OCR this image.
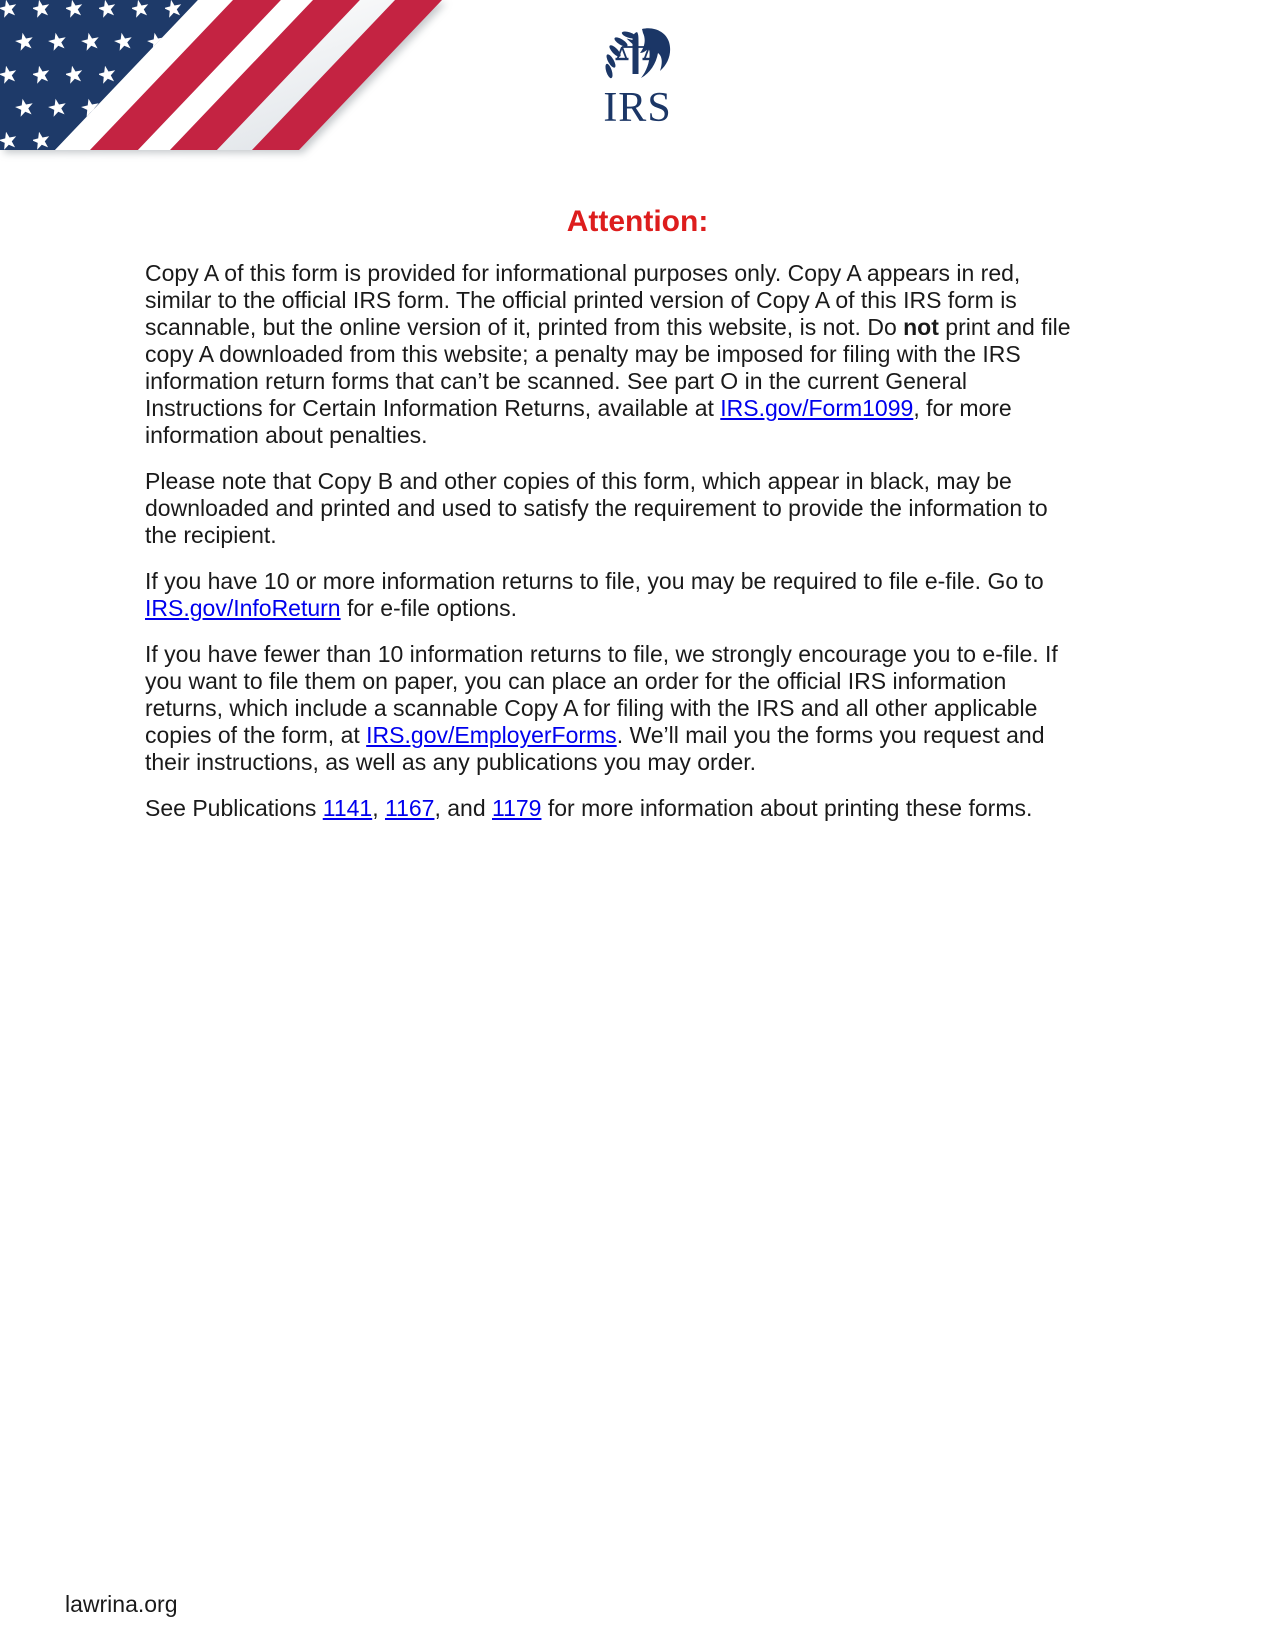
IRS
Attention:

Copy A of this form is provided for informational purposes only. Copy A appears in red, similar to the official IRS form. The official printed version of Copy A of this IRS form is scannable, but the online version of it, printed from this website, is not. Do not print and file copy A downloaded from this website; a penalty may be imposed for filing with the IRS information return forms that can’t be scanned. See part O in the current General Instructions for Certain Information Returns, available at IRS.gov/Form1099, for more information about penalties.

Please note that Copy B and other copies of this form, which appear in black, may be downloaded and printed and used to satisfy the requirement to provide the information to the recipient.

If you have 10 or more information returns to file, you may be required to file e-file. Go to IRS.gov/InfoReturn for e-file options.

If you have fewer than 10 information returns to file, we strongly encourage you to e-file. If you want to file them on paper, you can place an order for the official IRS information returns, which include a scannable Copy A for filing with the IRS and all other applicable copies of the form, at IRS.gov/EmployerForms. We’ll mail you the forms you request and their instructions, as well as any publications you may order.

See Publications 1141, 1167, and 1179 for more information about printing these forms.

lawrina.org
